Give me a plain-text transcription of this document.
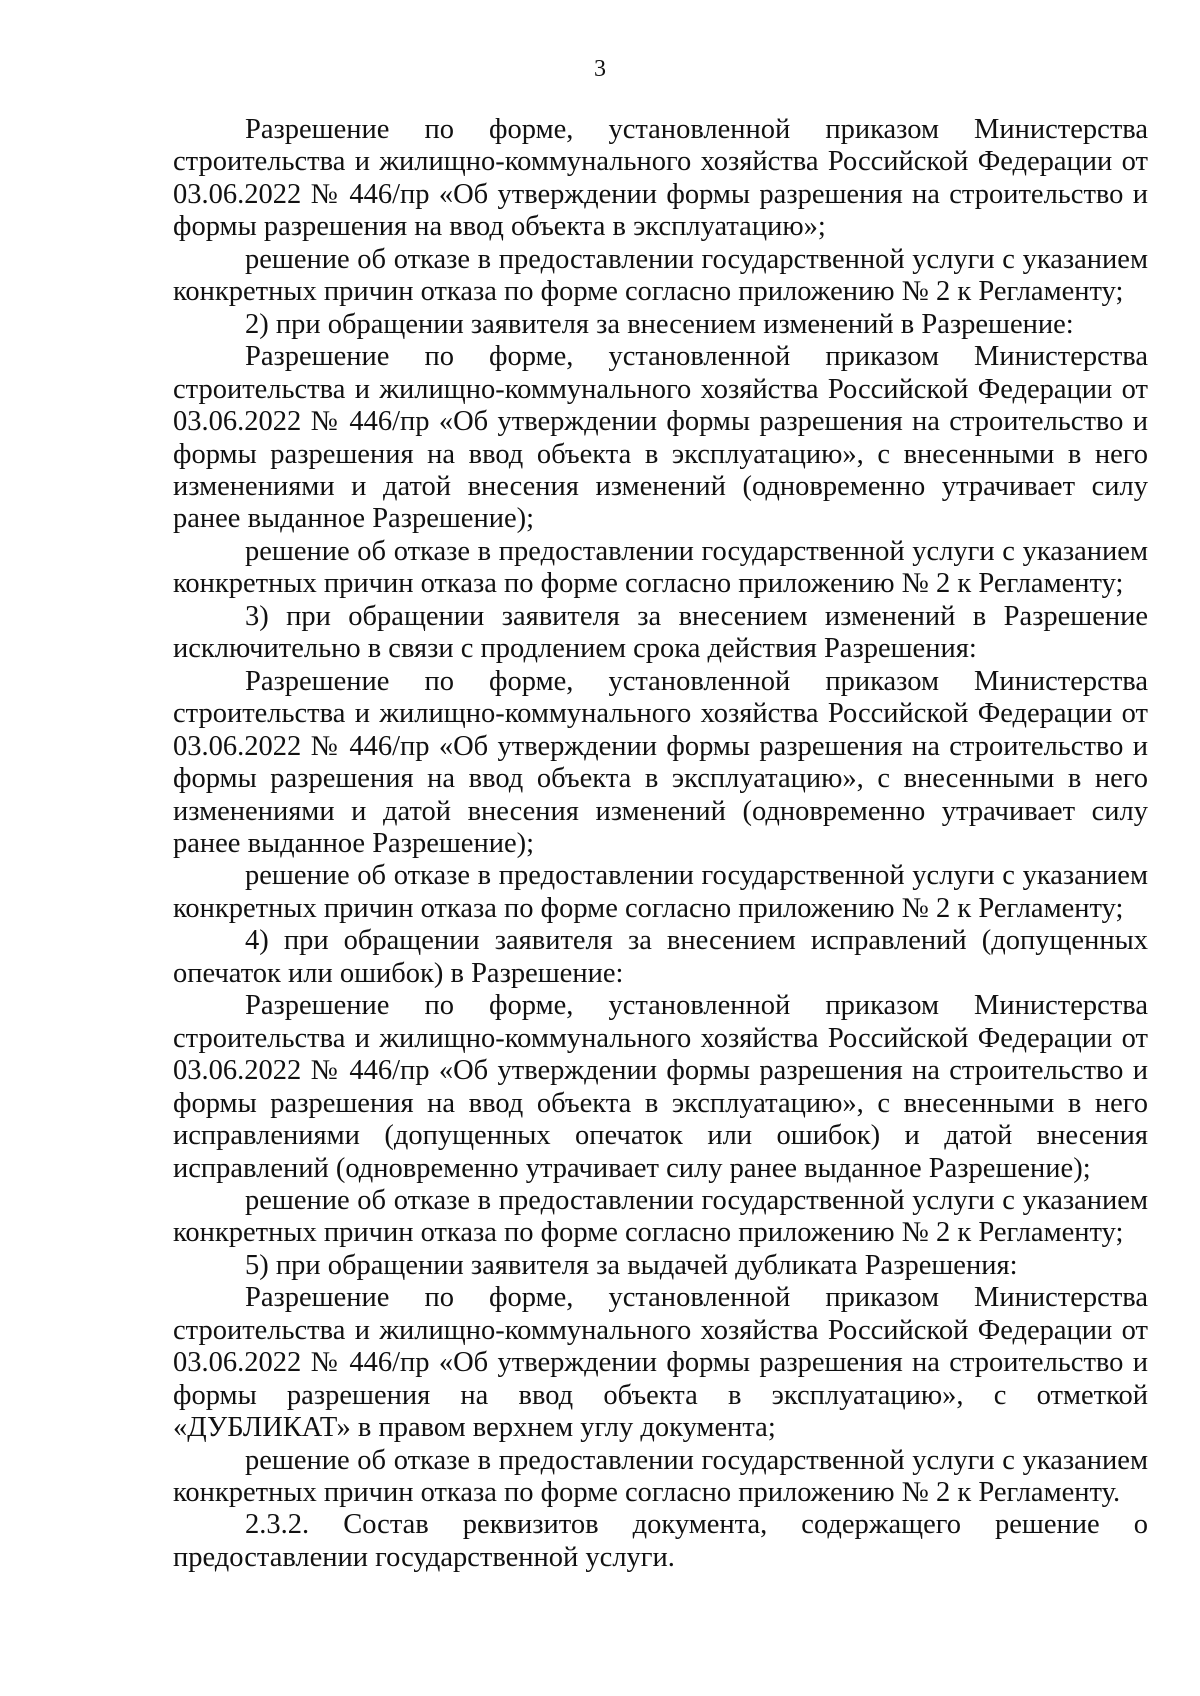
3

Разрешение по форме, установленной приказом Министерства строительства и жилищно-коммунального хозяйства Российской Федерации от 03.06.2022 № 446/пр «Об утверждении формы разрешения на строительство и формы разрешения на ввод объекта в эксплуатацию»;

решение об отказе в предоставлении государственной услуги с указанием конкретных причин отказа по форме согласно приложению № 2 к Регламенту;

2) при обращении заявителя за внесением изменений в Разрешение:

Разрешение по форме, установленной приказом Министерства строительства и жилищно-коммунального хозяйства Российской Федерации от 03.06.2022 № 446/пр «Об утверждении формы разрешения на строительство и формы разрешения на ввод объекта в эксплуатацию», с внесенными в него изменениями и датой внесения изменений (одновременно утрачивает силу ранее выданное Разрешение);

решение об отказе в предоставлении государственной услуги с указанием конкретных причин отказа по форме согласно приложению № 2 к Регламенту;

3) при обращении заявителя за внесением изменений в Разрешение исключительно в связи с продлением срока действия Разрешения:

Разрешение по форме, установленной приказом Министерства строительства и жилищно-коммунального хозяйства Российской Федерации от 03.06.2022 № 446/пр «Об утверждении формы разрешения на строительство и формы разрешения на ввод объекта в эксплуатацию», с внесенными в него изменениями и датой внесения изменений (одновременно утрачивает силу ранее выданное Разрешение);

решение об отказе в предоставлении государственной услуги с указанием конкретных причин отказа по форме согласно приложению № 2 к Регламенту;

4) при обращении заявителя за внесением исправлений (допущенных опечаток или ошибок) в Разрешение:

Разрешение по форме, установленной приказом Министерства строительства и жилищно-коммунального хозяйства Российской Федерации от 03.06.2022 № 446/пр «Об утверждении формы разрешения на строительство и формы разрешения на ввод объекта в эксплуатацию», с внесенными в него исправлениями (допущенных опечаток или ошибок) и датой внесения исправлений (одновременно утрачивает силу ранее выданное Разрешение);

решение об отказе в предоставлении государственной услуги с указанием конкретных причин отказа по форме согласно приложению № 2 к Регламенту;

5) при обращении заявителя за выдачей дубликата Разрешения:

Разрешение по форме, установленной приказом Министерства строительства и жилищно-коммунального хозяйства Российской Федерации от 03.06.2022 № 446/пр «Об утверждении формы разрешения на строительство и формы разрешения на ввод объекта в эксплуатацию», с отметкой «ДУБЛИКАТ» в правом верхнем углу документа;

решение об отказе в предоставлении государственной услуги с указанием конкретных причин отказа по форме согласно приложению № 2 к Регламенту.

2.3.2. Состав реквизитов документа, содержащего решение о предоставлении государственной услуги.
